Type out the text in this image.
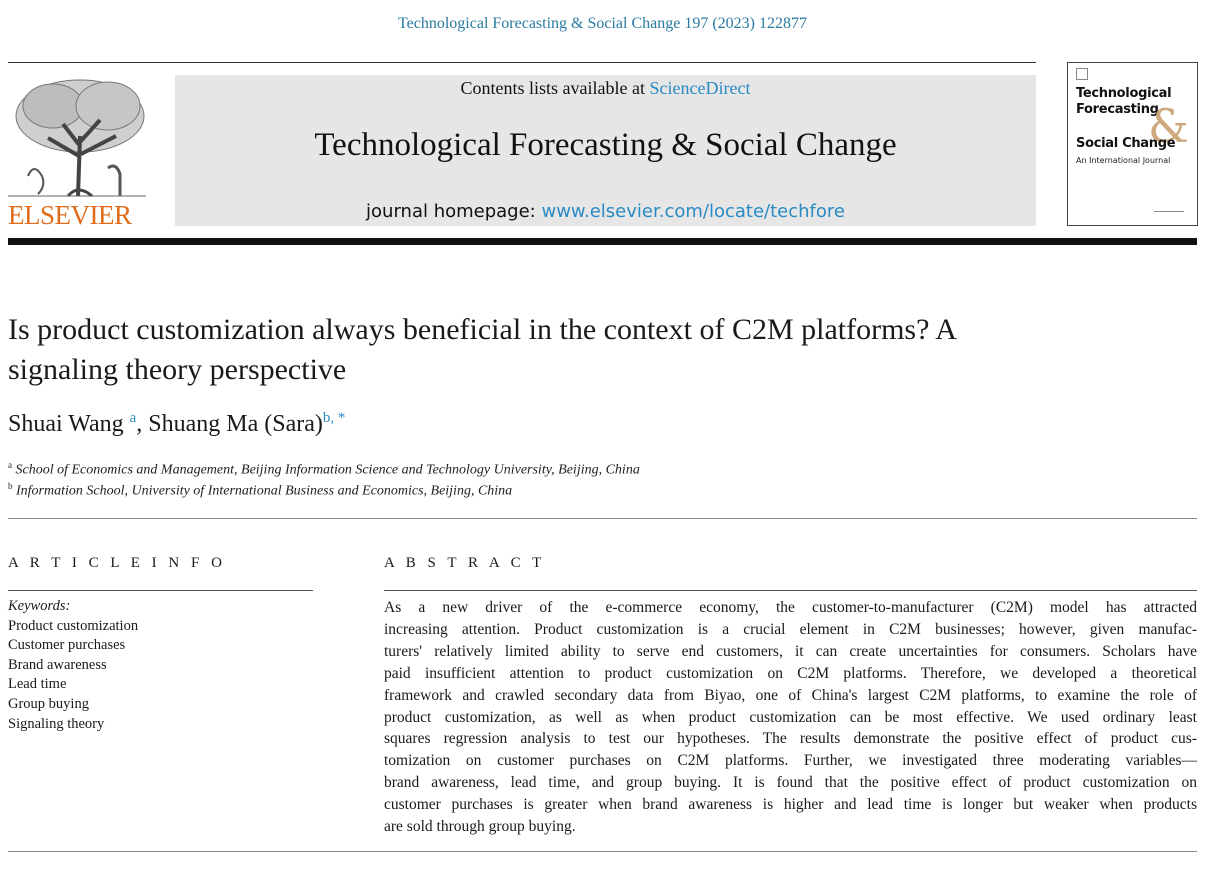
Technological Forecasting & Social Change 197 (2023) 122877
ELSEVIER
Contents lists available at ScienceDirect
Technological Forecasting & Social Change
journal homepage: www.elsevier.com/locate/techfore
Technological
Forecasting
&
Social Change
An International Journal
Is product customization always beneficial in the context of C2M platforms? A signaling theory perspective
Shuai Wang $^a$, Shuang Ma (Sara)$^{b, *}$
$^a$ School of Economics and Management, Beijing Information Science and Technology University, Beijing, China
$^b$ Information School, University of International Business and Economics, Beijing, China
A R T I C L E I N F O	A B S T R A C T
Keywords:
Product customization
Customer purchases
Brand awareness
Lead time
Group buying
Signaling theory
As a new driver of the e-commerce economy, the customer-to-manufacturer (C2M) model has attracted
increasing attention. Product customization is a crucial element in C2M businesses; however, given manufac-
turers' relatively limited ability to serve end customers, it can create uncertainties for consumers. Scholars have
paid insufficient attention to product customization on C2M platforms. Therefore, we developed a theoretical
framework and crawled secondary data from Biyao, one of China's largest C2M platforms, to examine the role of
product customization, as well as when product customization can be most effective. We used ordinary least
squares regression analysis to test our hypotheses. The results demonstrate the positive effect of product cus-
tomization on customer purchases on C2M platforms. Further, we investigated three moderating variables—
brand awareness, lead time, and group buying. It is found that the positive effect of product customization on
customer purchases is greater when brand awareness is higher and lead time is longer but weaker when products
are sold through group buying.
